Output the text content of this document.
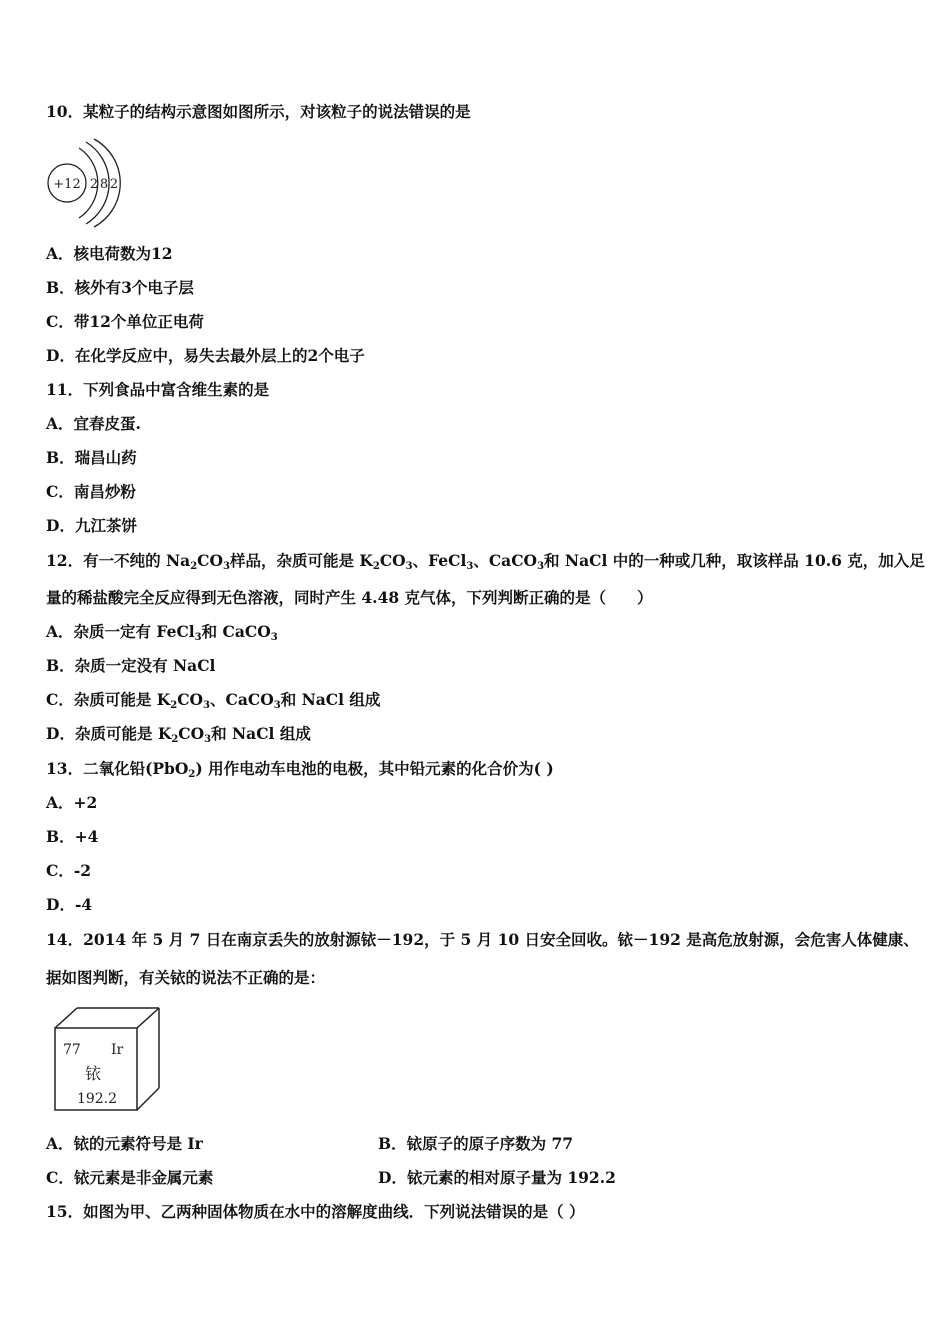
10．某粒子的结构示意图如图所示，对该粒子的说法错误的是
+12 2 8 2
A．核电荷数为12
B．核外有3个电子层
C．带12个单位正电荷
D．在化学反应中，易失去最外层上的2个电子
11．下列食品中富含维生素的是
A．宜春皮蛋.
B．瑞昌山药
C．南昌炒粉
D．九江茶饼
12．有一不纯的 $Na_2CO_3$样品，杂质可能是 $K_2CO_3$、FeCl$_3$、CaCO$_3$和 NaCl 中的一种或几种，取该样品 10.6 克，加入足
量的稀盐酸完全反应得到无色溶液，同时产生 4.48 克气体，下列判断正确的是（　　）
A．杂质一定有 FeCl$_3$和 CaCO$_3$
B．杂质一定没有 NaCl
C．杂质可能是 $K_2CO_3$、CaCO$_3$和 NaCl 组成
D．杂质可能是 $K_2CO_3$和 NaCl 组成
13．二氧化铅(PbO$_2$) 用作电动车电池的电极，其中铅元素的化合价为( )
A．+2
B．+4
C．-2
D．-4
14．2014 年 5 月 7 日在南京丢失的放射源铱－192，于 5 月 10 日安全回收。铱－192 是高危放射源，会危害人体健康、
据如图判断，有关铱的说法不正确的是：
77 Ir
铱
192.2
A．铱的元素符号是 Ir	B．铱原子的原子序数为 77
C．铱元素是非金属元素	D．铱元素的相对原子量为 192.2
15．如图为甲、乙两种固体物质在水中的溶解度曲线．下列说法错误的是（ ）
